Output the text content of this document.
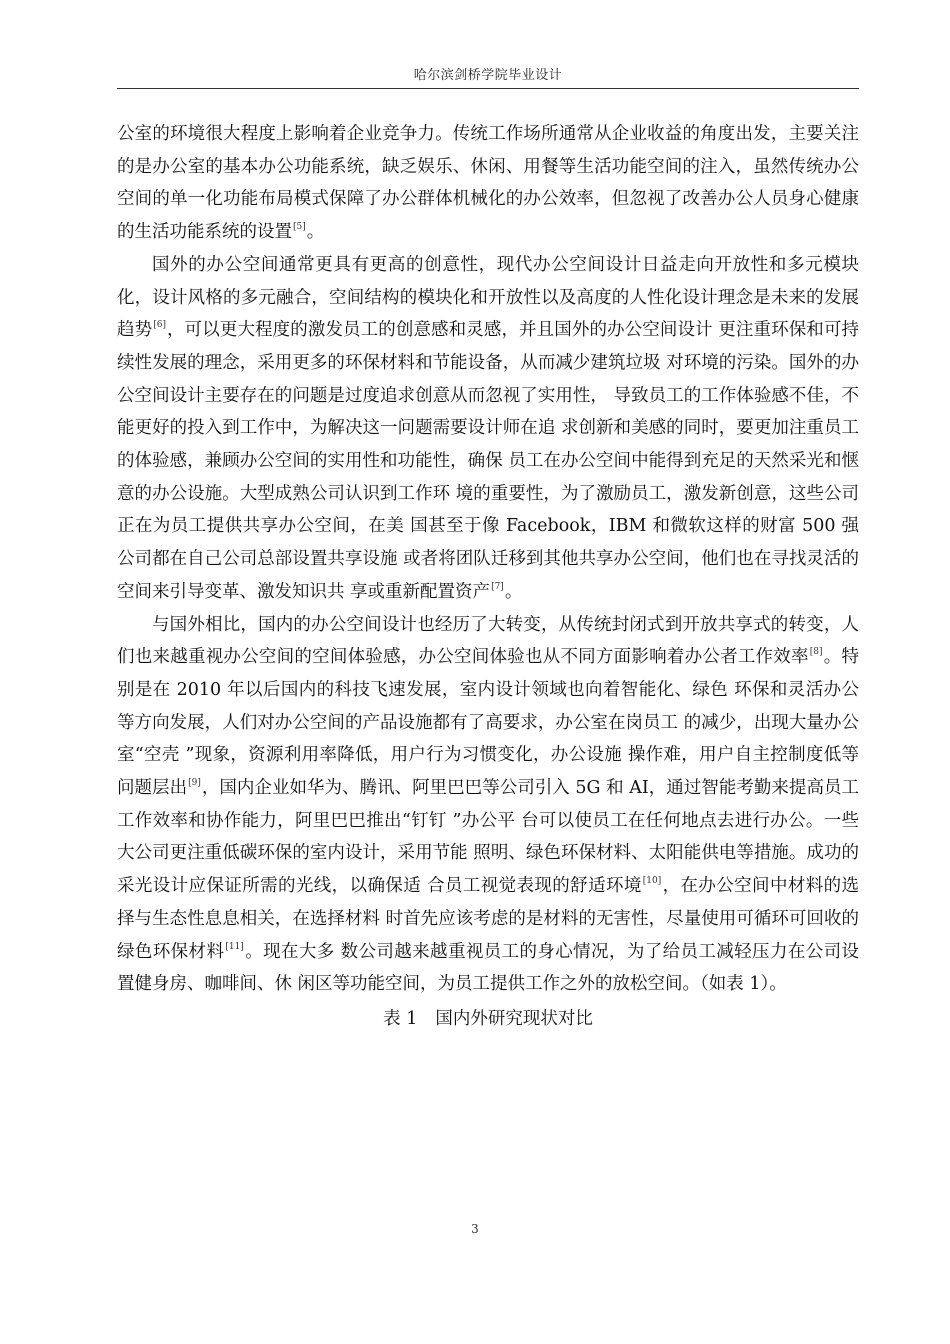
哈尔滨剑桥学院毕业设计

公室的环境很大程度上影响着企业竞争力。传统工作场所通常从企业收益的角度出发，主要关注的是办公室的基本办公功能系统，缺乏娱乐、休闲、用餐等生活功能空间的注入，虽然传统办公空间的单一化功能布局模式保障了办公群体机械化的办公效率，但忽视了改善办公人员身心健康的生活功能系统的设置[5]。

国外的办公空间通常更具有更高的创意性，现代办公空间设计日益走向开放性和多元模块化，设计风格的多元融合，空间结构的模块化和开放性以及高度的人性化设计理念是未来的发展趋势[6]，可以更大程度的激发员工的创意感和灵感，并且国外的办公空间设计 更注重环保和可持续性发展的理念，采用更多的环保材料和节能设备，从而减少建筑垃圾 对环境的污染。国外的办公空间设计主要存在的问题是过度追求创意从而忽视了实用性， 导致员工的工作体验感不佳，不能更好的投入到工作中，为解决这一问题需要设计师在追 求创新和美感的同时，要更加注重员工的体验感，兼顾办公空间的实用性和功能性，确保 员工在办公空间中能得到充足的天然采光和惬意的办公设施。大型成熟公司认识到工作环 境的重要性，为了激励员工，激发新创意，这些公司正在为员工提供共享办公空间，在美 国甚至于像 Facebook，IBM 和微软这样的财富 500 强公司都在自己公司总部设置共享设施 或者将团队迁移到其他共享办公空间，他们也在寻找灵活的空间来引导变革、激发知识共 享或重新配置资产[7]。

与国外相比，国内的办公空间设计也经历了大转变，从传统封闭式到开放共享式的转变，人们也来越重视办公空间的空间体验感，办公空间体验也从不同方面影响着办公者工作效率[8]。特别是在 2010 年以后国内的科技飞速发展，室内设计领域也向着智能化、绿色 环保和灵活办公等方向发展，人们对办公空间的产品设施都有了高要求，办公室在岗员工 的减少，出现大量办公室“空壳 ”现象，资源利用率降低，用户行为习惯变化，办公设施 操作难，用户自主控制度低等问题层出[9]，国内企业如华为、腾讯、阿里巴巴等公司引入 5G 和 AI，通过智能考勤来提高员工工作效率和协作能力，阿里巴巴推出“钉钉 ”办公平 台可以使员工在任何地点去进行办公。一些大公司更注重低碳环保的室内设计，采用节能 照明、绿色环保材料、太阳能供电等措施。成功的采光设计应保证所需的光线，以确保适 合员工视觉表现的舒适环境[10]，在办公空间中材料的选择与生态性息息相关，在选择材料 时首先应该考虑的是材料的无害性，尽量使用可循环可回收的绿色环保材料[11]。现在大多 数公司越来越重视员工的身心情况，为了给员工减轻压力在公司设置健身房、咖啡间、休 闲区等功能空间，为员工提供工作之外的放松空间。（如表 1）。

表 1 国内外研究现状对比
3
